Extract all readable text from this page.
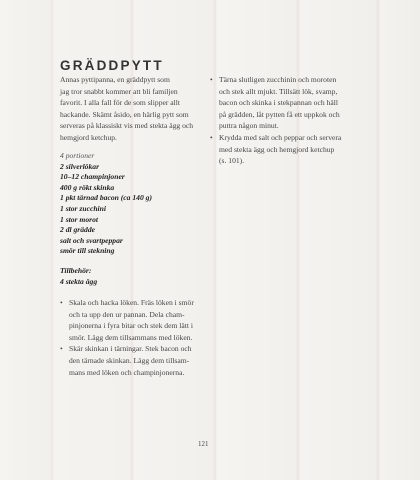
GRÄDDPYTT
Annas pyttipanna, en gräddpytt som
jag tror snabbt kommer att bli familjen
favorit. I alla fall för de som slipper allt
hackande. Skämt åsido, en härlig pytt som
serveras på klassiskt vis med stekta ägg och
hemgjord ketchup.
4 portioner
2 silverlökar
10–12 champinjoner
400 g rökt skinka
1 pkt tärnad bacon (ca 140 g)
1 stor zucchini
1 stor morot
2 dl grädde
salt och svartpeppar
smör till stekning
Tillbehör:
4 stekta ägg
• Skala och hacka löken. Fräs löken i smör
och ta upp den ur pannan. Dela cham-
pinjonerna i fyra bitar och stek dem lätt i
smör. Lägg dem tillsammans med löken.
• Skär skinkan i tärningar. Stek bacon och
den tärnade skinkan. Lägg dem tillsam-
mans med löken och champinjonerna.
• Tärna slutligen zucchinin och moroten
och stek allt mjukt. Tillsätt lök, svamp,
bacon och skinka i stekpannan och häll
på grädden, låt pytten få ett uppkok och
puttra någon minut.
• Kryddа med salt och peppar och servera
med stekta ägg och hemgjord ketchup
(s. 101).
121
